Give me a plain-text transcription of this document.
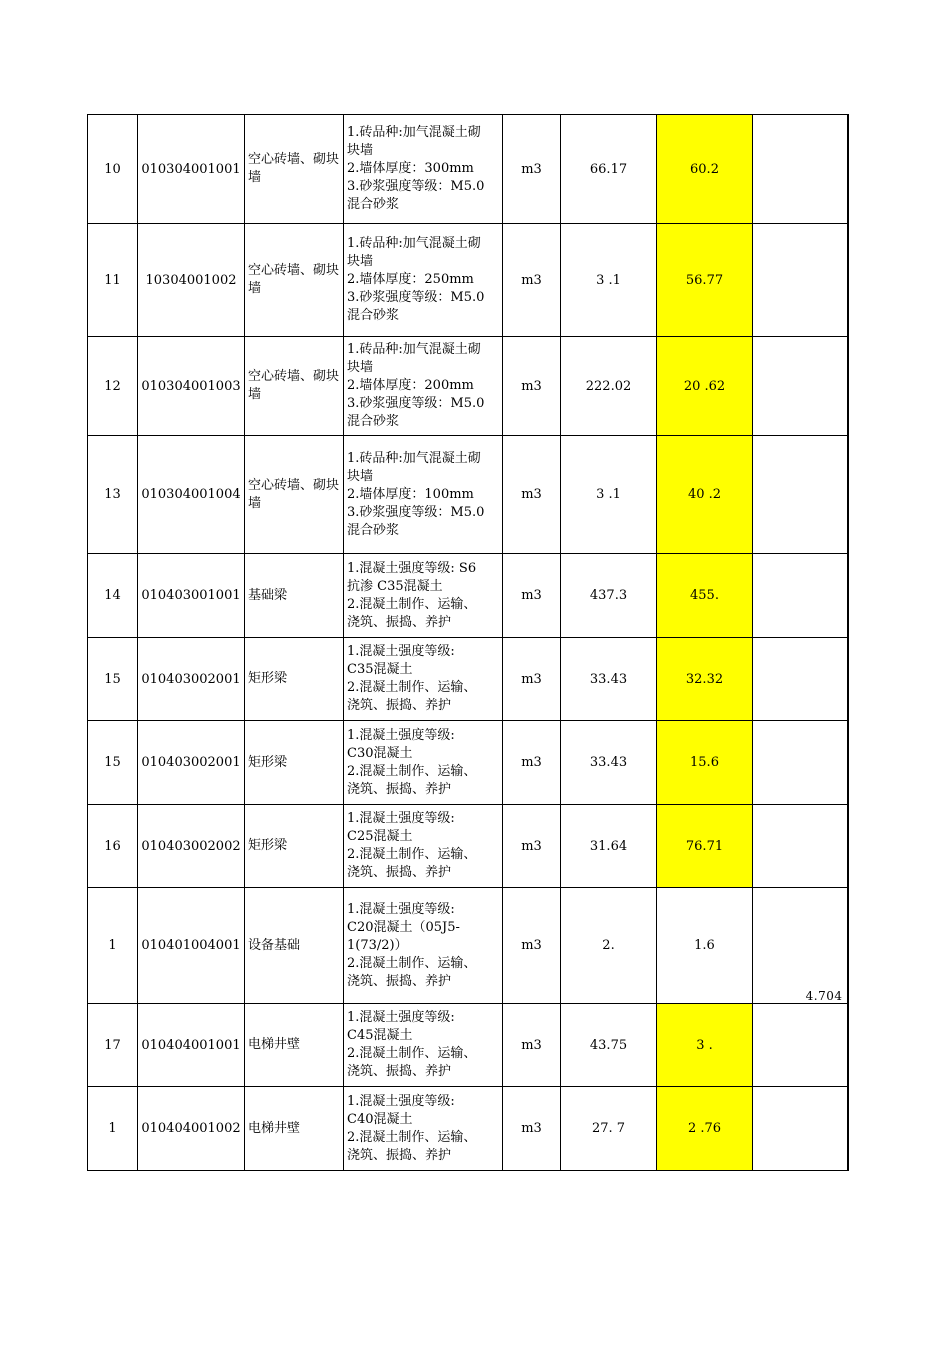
10	010304001001	空心砖墙、砌块墙	1.砖品种:加气混凝土砌
块墙
2.墙体厚度：300mm
3.砂浆强度等级：M5.0
混合砂浆	m3	66.17	60.2	
11	10304001002	空心砖墙、砌块墙	1.砖品种:加气混凝土砌
块墙
2.墙体厚度：250mm
3.砂浆强度等级：M5.0
混合砂浆	m3	3 .1	56.77	
12	010304001003	空心砖墙、砌块墙	1.砖品种:加气混凝土砌
块墙
2.墙体厚度：200mm
3.砂浆强度等级：M5.0
混合砂浆	m3	222.02	20 .62	
13	010304001004	空心砖墙、砌块墙	1.砖品种:加气混凝土砌
块墙
2.墙体厚度：100mm
3.砂浆强度等级：M5.0
混合砂浆	m3	3 .1	40 .2	
14	010403001001	基础梁	1.混凝土强度等级: S6
抗渗 C35混凝土
2.混凝土制作、运输、
浇筑、振捣、养护	m3	437.3	455.	
15	010403002001	矩形梁	1.混凝土强度等级:
C35混凝土
2.混凝土制作、运输、
浇筑、振捣、养护	m3	33.43	32.32	
15	010403002001	矩形梁	1.混凝土强度等级:
C30混凝土
2.混凝土制作、运输、
浇筑、振捣、养护	m3	33.43	15.6	
16	010403002002	矩形梁	1.混凝土强度等级:
C25混凝土
2.混凝土制作、运输、
浇筑、振捣、养护	m3	31.64	76.71	
1	010401004001	设备基础	1.混凝土强度等级:
C20混凝土（05J5-
1(73/2)）
2.混凝土制作、运输、
浇筑、振捣、养护	m3	2.	1.6	4.704

17	010404001001	电梯井壁	1.混凝土强度等级:
C45混凝土
2.混凝土制作、运输、
浇筑、振捣、养护	m3	43.75	3 .	
1	010404001002	电梯井壁	1.混凝土强度等级:
C40混凝土
2.混凝土制作、运输、
浇筑、振捣、养护	m3	27. 7	2 .76	
